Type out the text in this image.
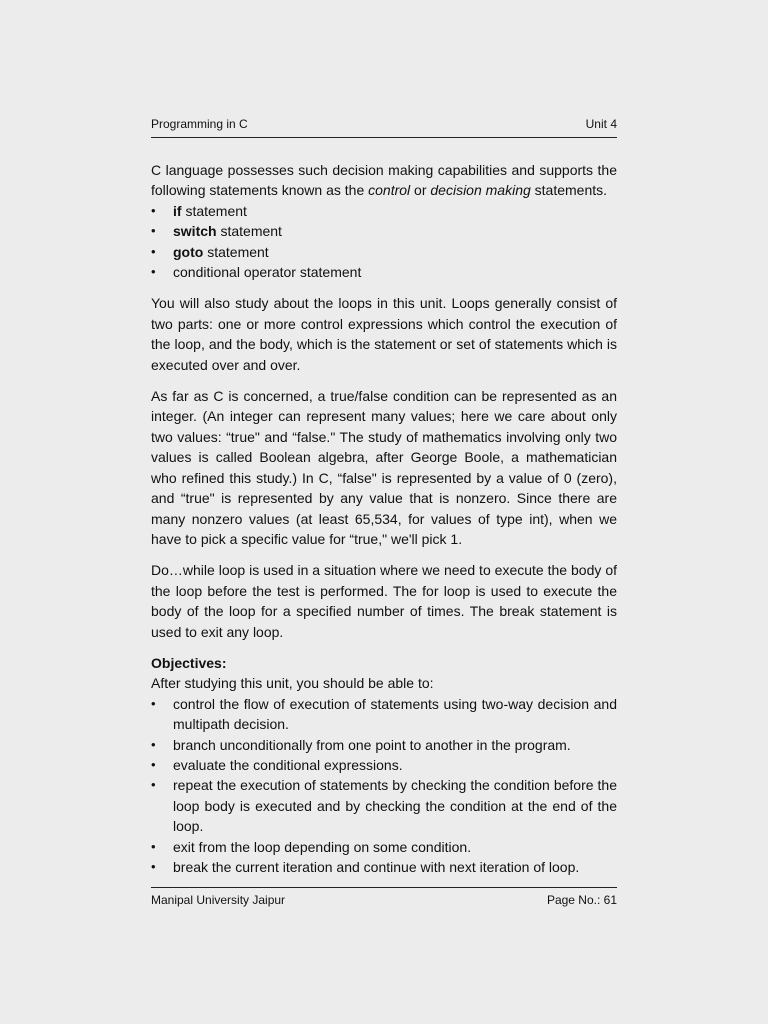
Programming in C	Unit 4

C language possesses such decision making capabilities and supports the following statements known as the control or decision making statements.

• if statement
• switch statement
• goto statement
• conditional operator statement

You will also study about the loops in this unit. Loops generally consist of two parts: one or more control expressions which control the execution of the loop, and the body, which is the statement or set of statements which is executed over and over.

As far as C is concerned, a true/false condition can be represented as an integer. (An integer can represent many values; here we care about only two values: “true" and “false." The study of mathematics involving only two values is called Boolean algebra, after George Boole, a mathematician who refined this study.) In C, “false" is represented by a value of 0 (zero), and “true" is represented by any value that is nonzero. Since there are many nonzero values (at least 65,534, for values of type int), when we have to pick a specific value for “true," we'll pick 1.

Do…while loop is used in a situation where we need to execute the body of the loop before the test is performed. The for loop is used to execute the body of the loop for a specified number of times. The break statement is used to exit any loop.

Objectives:

After studying this unit, you should be able to:

• control the flow of execution of statements using two-way decision and multipath decision.
• branch unconditionally from one point to another in the program.
• evaluate the conditional expressions.
• repeat the execution of statements by checking the condition before the loop body is executed and by checking the condition at the end of the loop.
• exit from the loop depending on some condition.
• break the current iteration and continue with next iteration of loop.
Manipal University Jaipur	Page No.: 61
